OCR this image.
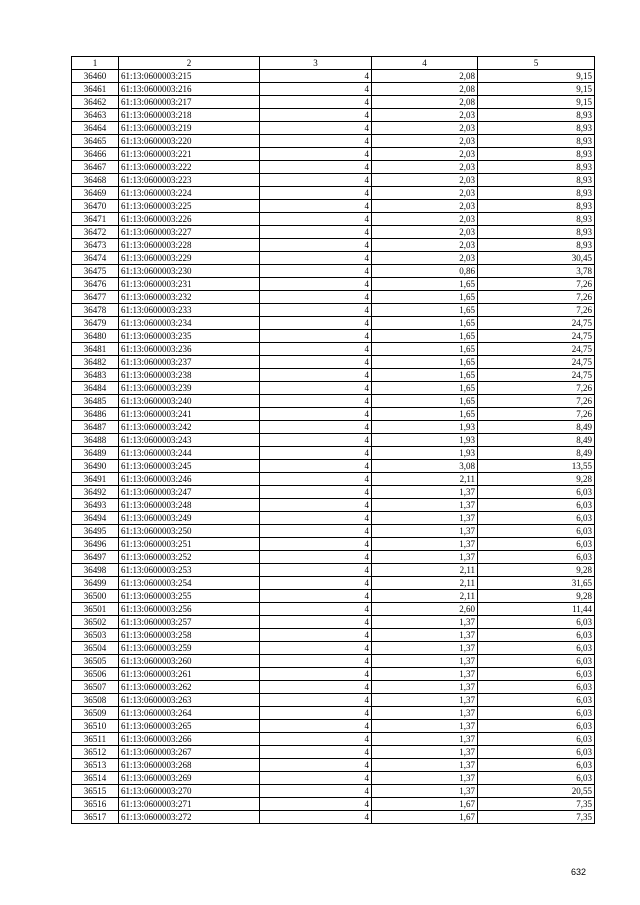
1	2	3	4	5
36460	61:13:0600003:215	4	2,08	9,15
36461	61:13:0600003:216	4	2,08	9,15
36462	61:13:0600003:217	4	2,08	9,15
36463	61:13:0600003:218	4	2,03	8,93
36464	61:13:0600003:219	4	2,03	8,93
36465	61:13:0600003:220	4	2,03	8,93
36466	61:13:0600003:221	4	2,03	8,93
36467	61:13:0600003:222	4	2,03	8,93
36468	61:13:0600003:223	4	2,03	8,93
36469	61:13:0600003:224	4	2,03	8,93
36470	61:13:0600003:225	4	2,03	8,93
36471	61:13:0600003:226	4	2,03	8,93
36472	61:13:0600003:227	4	2,03	8,93
36473	61:13:0600003:228	4	2,03	8,93
36474	61:13:0600003:229	4	2,03	30,45
36475	61:13:0600003:230	4	0,86	3,78
36476	61:13:0600003:231	4	1,65	7,26
36477	61:13:0600003:232	4	1,65	7,26
36478	61:13:0600003:233	4	1,65	7,26
36479	61:13:0600003:234	4	1,65	24,75
36480	61:13:0600003:235	4	1,65	24,75
36481	61:13:0600003:236	4	1,65	24,75
36482	61:13:0600003:237	4	1,65	24,75
36483	61:13:0600003:238	4	1,65	24,75
36484	61:13:0600003:239	4	1,65	7,26
36485	61:13:0600003:240	4	1,65	7,26
36486	61:13:0600003:241	4	1,65	7,26
36487	61:13:0600003:242	4	1,93	8,49
36488	61:13:0600003:243	4	1,93	8,49
36489	61:13:0600003:244	4	1,93	8,49
36490	61:13:0600003:245	4	3,08	13,55
36491	61:13:0600003:246	4	2,11	9,28
36492	61:13:0600003:247	4	1,37	6,03
36493	61:13:0600003:248	4	1,37	6,03
36494	61:13:0600003:249	4	1,37	6,03
36495	61:13:0600003:250	4	1,37	6,03
36496	61:13:0600003:251	4	1,37	6,03
36497	61:13:0600003:252	4	1,37	6,03
36498	61:13:0600003:253	4	2,11	9,28
36499	61:13:0600003:254	4	2,11	31,65
36500	61:13:0600003:255	4	2,11	9,28
36501	61:13:0600003:256	4	2,60	11,44
36502	61:13:0600003:257	4	1,37	6,03
36503	61:13:0600003:258	4	1,37	6,03
36504	61:13:0600003:259	4	1,37	6,03
36505	61:13:0600003:260	4	1,37	6,03
36506	61:13:0600003:261	4	1,37	6,03
36507	61:13:0600003:262	4	1,37	6,03
36508	61:13:0600003:263	4	1,37	6,03
36509	61:13:0600003:264	4	1,37	6,03
36510	61:13:0600003:265	4	1,37	6,03
36511	61:13:0600003:266	4	1,37	6,03
36512	61:13:0600003:267	4	1,37	6,03
36513	61:13:0600003:268	4	1,37	6,03
36514	61:13:0600003:269	4	1,37	6,03
36515	61:13:0600003:270	4	1,37	20,55
36516	61:13:0600003:271	4	1,67	7,35
36517	61:13:0600003:272	4	1,67	7,35
632
